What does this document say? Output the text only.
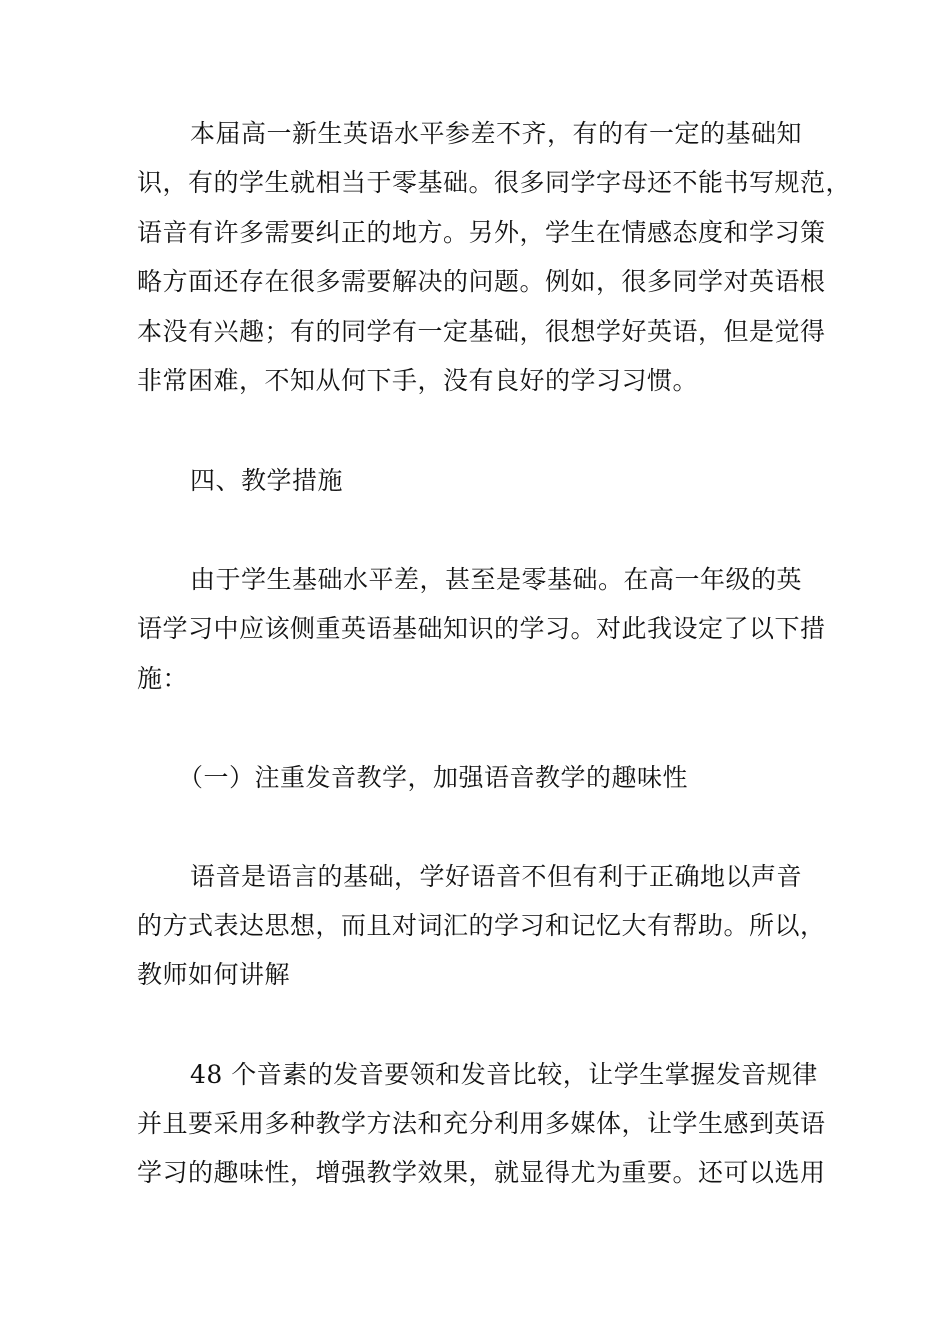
本届高一新生英语水平参差不齐，有的有一定的基础知
识，有的学生就相当于零基础。很多同学字母还不能书写规范，
语音有许多需要纠正的地方。另外，学生在情感态度和学习策
略方面还存在很多需要解决的问题。例如，很多同学对英语根
本没有兴趣；有的同学有一定基础，很想学好英语，但是觉得
非常困难，不知从何下手，没有良好的学习习惯。
四、教学措施
由于学生基础水平差，甚至是零基础。在高一年级的英
语学习中应该侧重英语基础知识的学习。对此我设定了以下措
施：
（一）注重发音教学，加强语音教学的趣味性
语音是语言的基础，学好语音不但有利于正确地以声音
的方式表达思想，而且对词汇的学习和记忆大有帮助。所以，
教师如何讲解
48 个音素的发音要领和发音比较，让学生掌握发音规律
并且要采用多种教学方法和充分利用多媒体，让学生感到英语
学习的趣味性，增强教学效果，就显得尤为重要。还可以选用
